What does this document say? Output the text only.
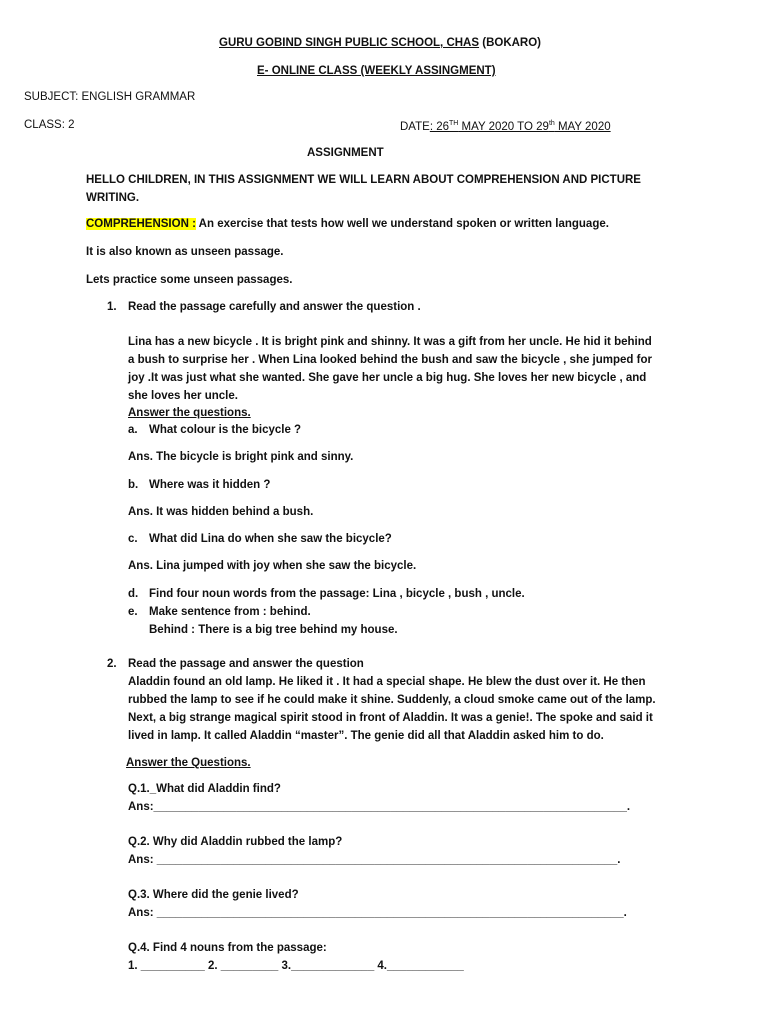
GURU GOBIND SINGH PUBLIC SCHOOL, CHAS (BOKARO)
E- ONLINE CLASS (WEEKLY ASSINGMENT)
SUBJECT: ENGLISH GRAMMAR
CLASS: 2	DATE: 26TH MAY 2020 TO 29th MAY 2020
ASSIGNMENT
HELLO CHILDREN, IN THIS ASSIGNMENT WE WILL LEARN ABOUT COMPREHENSION AND PICTURE
WRITING.
COMPREHENSION : An exercise that tests how well we understand spoken or written language.
It is also known as unseen passage.
Lets practice some unseen passages.
1. Read the passage carefully and answer the question .
Lina has a new bicycle . It is bright pink and shinny. It was a gift from her uncle. He hid it behind
a bush to surprise her . When Lina looked behind the bush and saw the bicycle , she jumped for
joy .It was just what she wanted. She gave her uncle a big hug. She loves her new bicycle , and
she loves her uncle.
Answer the questions.
a. What colour is the bicycle ?
Ans. The bicycle is bright pink and sinny.
b. Where was it hidden ?
Ans. It was hidden behind a bush.
c. What did Lina do when she saw the bicycle?
Ans. Lina jumped with joy when she saw the bicycle.
d. Find four noun words from the passage: Lina , bicycle , bush , uncle.
e. Make sentence from : behind.
Behind : There is a big tree behind my house.
2. Read the passage and answer the question
Aladdin found an old lamp. He liked it . It had a special shape. He blew the dust over it. He then
rubbed the lamp to see if he could make it shine. Suddenly, a cloud smoke came out of the lamp.
Next, a big strange magical spirit stood in front of Aladdin. It was a genie!. The spoke and said it
lived in lamp. It called Aladdin “master”. The genie did all that Aladdin asked him to do.
Answer the Questions.
Q.1._What did Aladdin find?
Ans:__________________________________________________________________________.
Q.2. Why did Aladdin rubbed the lamp?
Ans: ________________________________________________________________________.
Q.3. Where did the genie lived?
Ans: _________________________________________________________________________.
Q.4. Find 4 nouns from the passage:
1. __________ 2. _________ 3._____________ 4.____________
